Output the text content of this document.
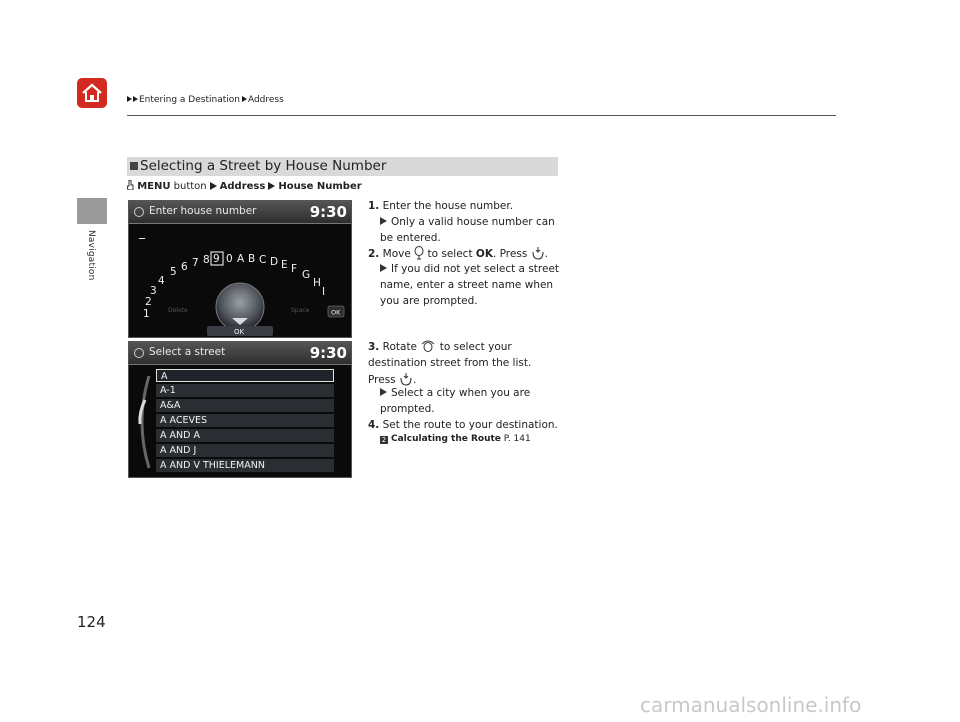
Entering a Destination Address
Navigation
124
Selecting a Street by House Number
MENU button Address House Number
Enter house number	9:30
_
Delete	Space
1
2
3
4
5 6 7 8 9 0 A B C D E F G
H
I
OK
OK
Select a street	9:30
A
A-1
A&A
A ACEVES
A AND A
A AND J
A AND V THIELEMANN
1. Enter the house number.
Only a valid house number can be entered.
2. Move to select OK. Press .
If you did not yet select a street name, enter a street name when you are prompted.
3. Rotate to select your destination street from the list. Press .
Select a city when you are prompted.
4. Set the route to your destination.
2 Calculating the Route P. 141
carmanualsonline.info
